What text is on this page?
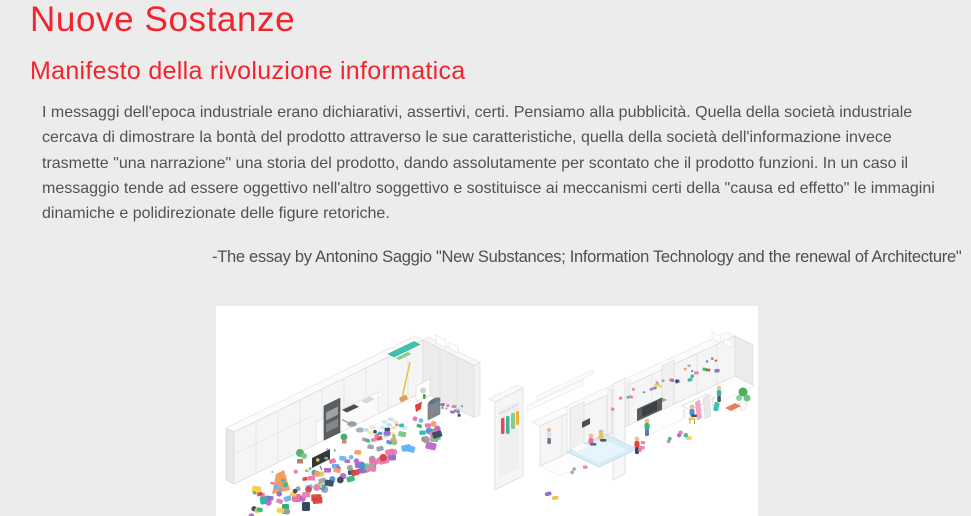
Nuove Sostanze
Manifesto della rivoluzione informatica
I messaggi dell'epoca industriale erano dichiarativi, assertivi, certi. Pensiamo alla pubblicità. Quella della società industriale
cercava di dimostrare la bontà del prodotto attraverso le sue caratteristiche, quella della società dell'informazione invece
trasmette "una narrazione" una storia del prodotto, dando assolutamente per scontato che il prodotto funzioni. In un caso il
messaggio tende ad essere oggettivo nell'altro soggettivo e sostituisce ai meccanismi certi della "causa ed effetto" le immagini
dinamiche e polidirezionate delle figure retoriche.
-The essay by Antonino Saggio "New Substances; Information Technology and the renewal of Architecture"
